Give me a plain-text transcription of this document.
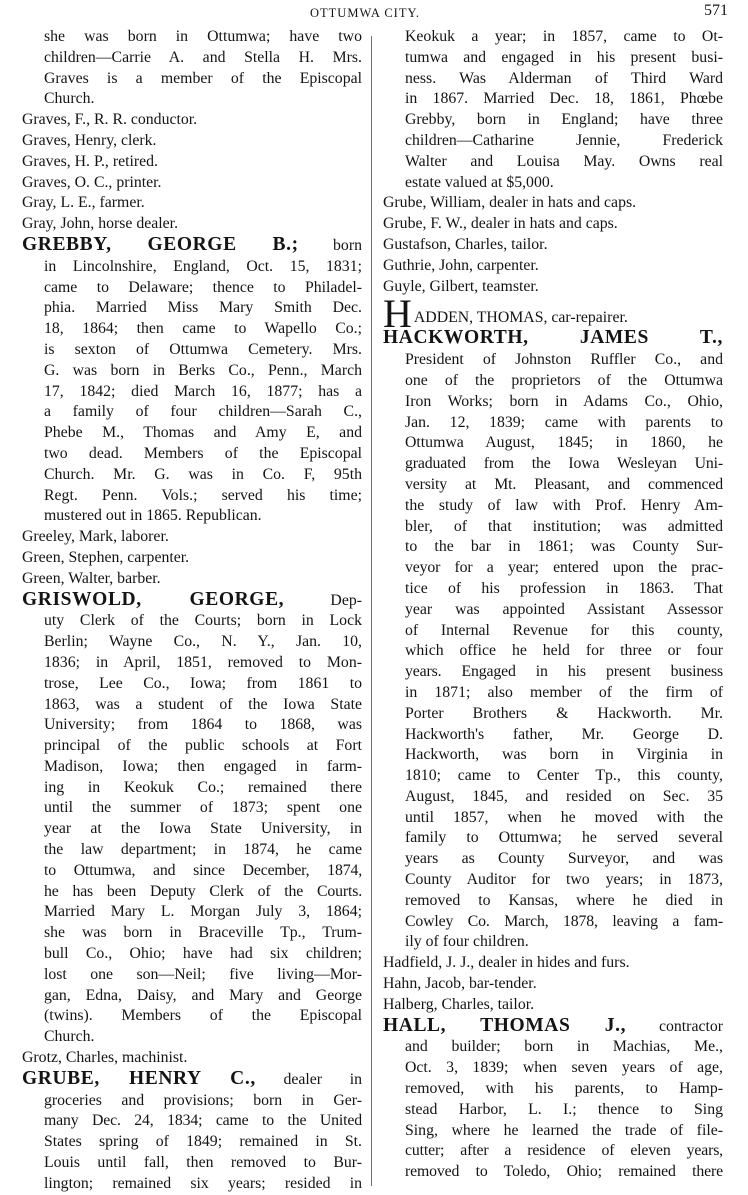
OTTUMWA CITY.	571
she was born in Ottumwa; have two
children—Carrie A. and Stella H. Mrs.
Graves is a member of the Episcopal
Church.
Graves, F., R. R. conductor.
Graves, Henry, clerk.
Graves, H. P., retired.
Graves, O. C., printer.
Gray, L. E., farmer.
Gray, John, horse dealer.
GREBBY, GEORGE B.; born
in Lincolnshire, England, Oct. 15, 1831;
came to Delaware; thence to Philadel-
phia. Married Miss Mary Smith Dec.
18, 1864; then came to Wapello Co.;
is sexton of Ottumwa Cemetery. Mrs.
G. was born in Berks Co., Penn., March
17, 1842; died March 16, 1877; has a
a family of four children—Sarah C.,
Phebe M., Thomas and Amy E, and
two dead. Members of the Episcopal
Church. Mr. G. was in Co. F, 95th
Regt. Penn. Vols.; served his time;
mustered out in 1865. Republican.
Greeley, Mark, laborer.
Green, Stephen, carpenter.
Green, Walter, barber.
GRISWOLD, GEORGE,	Dep-
uty Clerk of the Courts; born in Lock
Berlin; Wayne Co., N. Y., Jan. 10,
1836; in April, 1851, removed to Mon-
trose, Lee Co., Iowa; from 1861 to
1863, was a student of the Iowa State
University; from 1864 to 1868, was
principal of the public schools at Fort
Madison, Iowa; then engaged in farm-
ing in Keokuk Co.; remained there
until the summer of 1873; spent one
year at the Iowa State University, in
the law department; in 1874, he came
to Ottumwa, and since December, 1874,
he has been Deputy Clerk of the Courts.
Married Mary L. Morgan July 3, 1864;
she was born in Braceville Tp., Trum-
bull Co., Ohio; have had six children;
lost one son—Neil; five living—Mor-
gan, Edna, Daisy, and Mary and George
(twins). Members of the Episcopal
Church.
Grotz, Charles, machinist.
GRUBE, HENRY C., dealer in
groceries and provisions; born in Ger-
many Dec. 24, 1834; came to the United
States spring of 1849; remained in St.
Louis until fall, then removed to Bur-
lington; remained six years; resided in
Keokuk a year; in 1857, came to Ot-
tumwa and engaged in his present busi-
ness. Was Alderman of Third Ward
in 1867. Married Dec. 18, 1861, Phœbe
Grebby, born in England; have three
children—Catharine Jennie, Frederick
Walter and Louisa May. Owns real
estate valued at $5,000.
Grube, William, dealer in hats and caps.
Grube, F. W., dealer in hats and caps.
Gustafson, Charles, tailor.
Guthrie, John, carpenter.
Guyle, Gilbert, teamster.
H ADDEN, THOMAS, car-repairer.
HACKWORTH, JAMES T.,
President of Johnston Ruffler Co., and
one of the proprietors of the Ottumwa
Iron Works; born in Adams Co., Ohio,
Jan. 12, 1839; came with parents to
Ottumwa August, 1845; in 1860, he
graduated from the Iowa Wesleyan Uni-
versity at Mt. Pleasant, and commenced
the study of law with Prof. Henry Am-
bler, of that institution; was admitted
to the bar in 1861; was County Sur-
veyor for a year; entered upon the prac-
tice of his profession in 1863. That
year was appointed Assistant Assessor
of Internal Revenue for this county,
which office he held for three or four
years. Engaged in his present business
in 1871; also member of the firm of
Porter Brothers & Hackworth. Mr.
Hackworth's father, Mr. George D.
Hackworth, was born in Virginia in
1810; came to Center Tp., this county,
August, 1845, and resided on Sec. 35
until 1857, when he moved with the
family to Ottumwa; he served several
years as County Surveyor, and was
County Auditor for two years; in 1873,
removed to Kansas, where he died in
Cowley Co. March, 1878, leaving a fam-
ily of four children.
Hadfield, J. J., dealer in hides and furs.
Hahn, Jacob, bar-tender.
Halberg, Charles, tailor.
HALL, THOMAS J., contractor
and builder; born in Machias, Me.,
Oct. 3, 1839; when seven years of age,
removed, with his parents, to Hamp-
stead Harbor, L. I.; thence to Sing
Sing, where he learned the trade of file-
cutter; after a residence of eleven years,
removed to Toledo, Ohio; remained there
